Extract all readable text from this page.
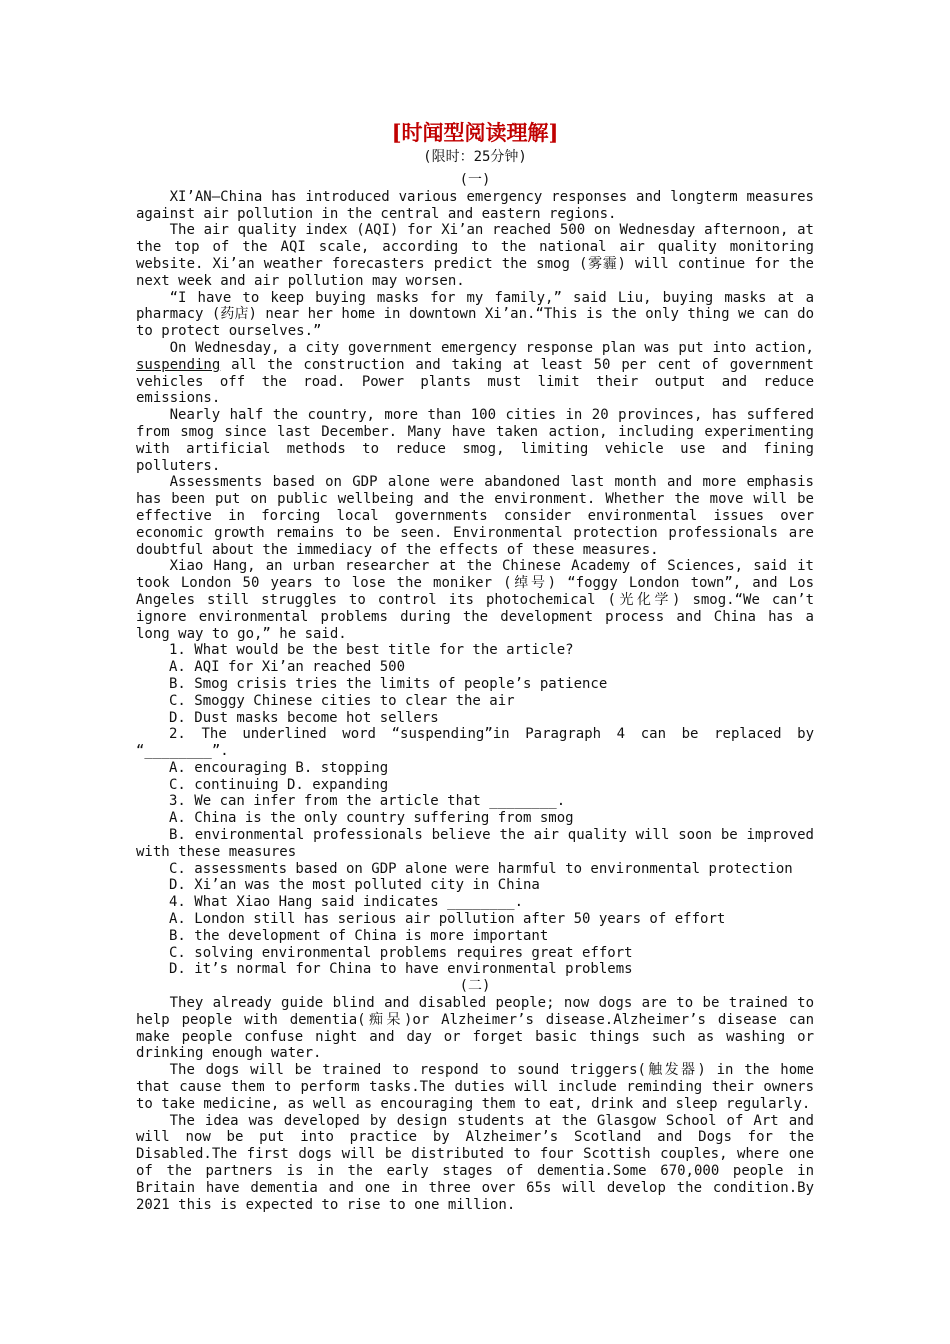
[时闻型阅读理解]

(限时：25分钟)

(一)

XI’AN—China has introduced various emergency responses and longterm measures against air pollution in the central and eastern regions.

The air quality index (AQI) for Xi’an reached 500 on Wednesday afternoon, at the top of the AQI scale, according to the national air quality monitoring website. Xi’an weather forecasters predict the smog (雾霾) will continue for the next week and air pollution may worsen.

“I have to keep buying masks for my family,” said Liu, buying masks at a pharmacy (药店) near her home in downtown Xi’an.“This is the only thing we can do to protect ourselves.”

On Wednesday, a city government emergency response plan was put into action, suspending all the construction and taking at least 50 per cent of government vehicles off the road. Power plants must limit their output and reduce emissions.

Nearly half the country, more than 100 cities in 20 provinces, has suffered from smog since last December. Many have taken action, including experimenting with artificial methods to reduce smog, limiting vehicle use and fining polluters.

Assessments based on GDP alone were abandoned last month and more emphasis has been put on public wellbeing and the environment. Whether the move will be effective in forcing local governments consider environmental issues over economic growth remains to be seen. Environmental protection professionals are doubtful about the immediacy of the effects of these measures.

Xiao Hang, an urban researcher at the Chinese Academy of Sciences, said it took London 50 years to lose the moniker (绰号) “foggy London town”, and Los Angeles still struggles to control its photochemical (光化学) smog.“We can’t ignore environmental problems during the development process and China has a long way to go,” he said.

1. What would be the best title for the article?

A. AQI for Xi’an reached 500

B. Smog crisis tries the limits of people’s patience

C. Smoggy Chinese cities to clear the air

D. Dust masks become hot sellers

2. The underlined word “suspending”in Paragraph 4 can be replaced by “________”.

A. encouraging B. stopping

C. continuing D. expanding

3. We can infer from the article that ________.

A. China is the only country suffering from smog

B. environmental professionals believe the air quality will soon be improved with these measures

C. assessments based on GDP alone were harmful to environmental protection

D. Xi’an was the most polluted city in China

4. What Xiao Hang said indicates ________.

A. London still has serious air pollution after 50 years of effort

B. the development of China is more important

C. solving environmental problems requires great effort

D. it’s normal for China to have environmental problems

(二)

They already guide blind and disabled people; now dogs are to be trained to help people with dementia(痴呆)or Alzheimer’s disease.Alzheimer’s disease can make people confuse night and day or forget basic things such as washing or drinking enough water.

The dogs will be trained to respond to sound triggers(触发器) in the home that cause them to perform tasks.The duties will include reminding their owners to take medicine, as well as encouraging them to eat, drink and sleep regularly.

The idea was developed by design students at the Glasgow School of Art and will now be put into practice by Alzheimer’s Scotland and Dogs for the Disabled.The first dogs will be distributed to four Scottish couples, where one of the partners is in the early stages of dementia.Some 670,000 people in Britain have dementia and one in three over 65s will develop the condition.By 2021 this is expected to rise to one million.
